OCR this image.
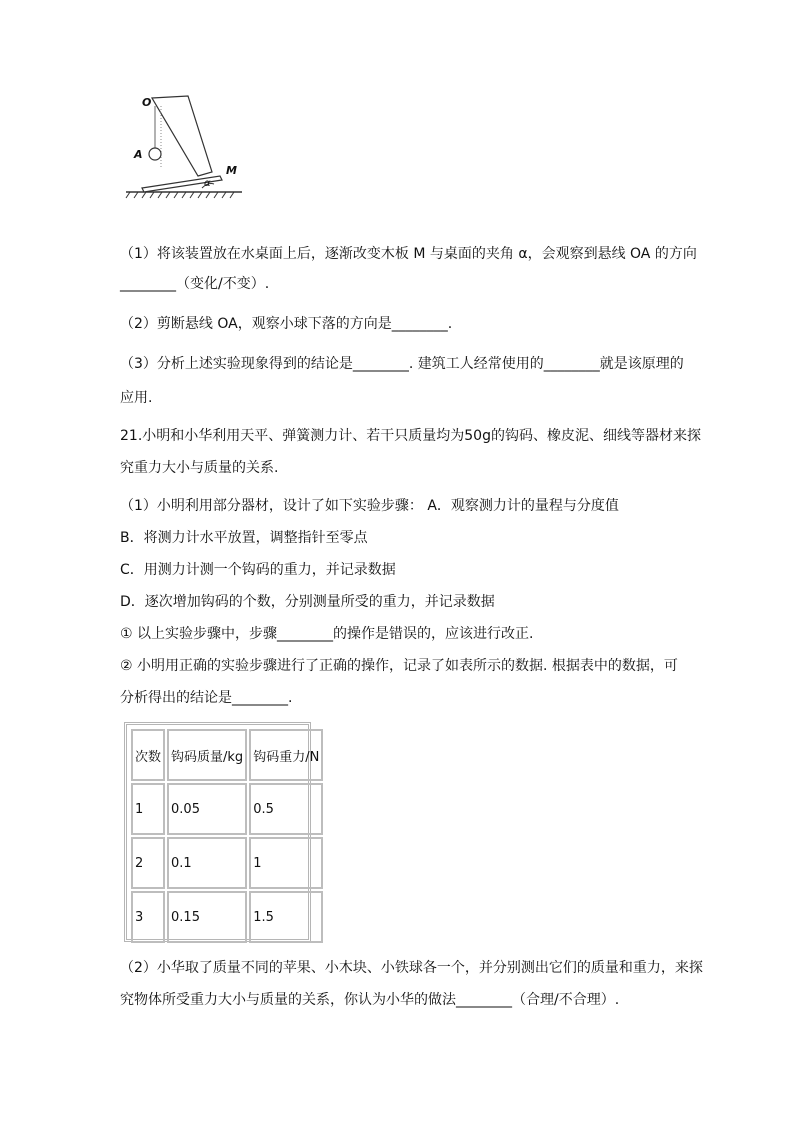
O
A
M
α
（1）将该装置放在水桌面上后，逐渐改变木板 M 与桌面的夹角 α，会观察到悬线 OA 的方向
________（变化/不变）.
（2）剪断悬线 OA，观察小球下落的方向是________.
（3）分析上述实验现象得到的结论是________. 建筑工人经常使用的________就是该原理的
应用.
21.小明和小华利用天平、弹簧测力计、若干只质量均为50g的钩码、橡皮泥、细线等器材来探
究重力大小与质量的关系.
（1）小明利用部分器材，设计了如下实验步骤： A．观察测力计的量程与分度值
B．将测力计水平放置，调整指针至零点
C．用测力计测一个钩码的重力，并记录数据
D．逐次增加钩码的个数，分别测量所受的重力，并记录数据
① 以上实验步骤中，步骤________的操作是错误的，应该进行改正.
② 小明用正确的实验步骤进行了正确的操作，记录了如表所示的数据. 根据表中的数据，可
分析得出的结论是________.
次数	钩码质量/kg	钩码重力/N
1	0.05	0.5
2	0.1	1
3	0.15	1.5
（2）小华取了质量不同的苹果、小木块、小铁球各一个，并分别测出它们的质量和重力，来探
究物体所受重力大小与质量的关系，你认为小华的做法________（合理/不合理）.
